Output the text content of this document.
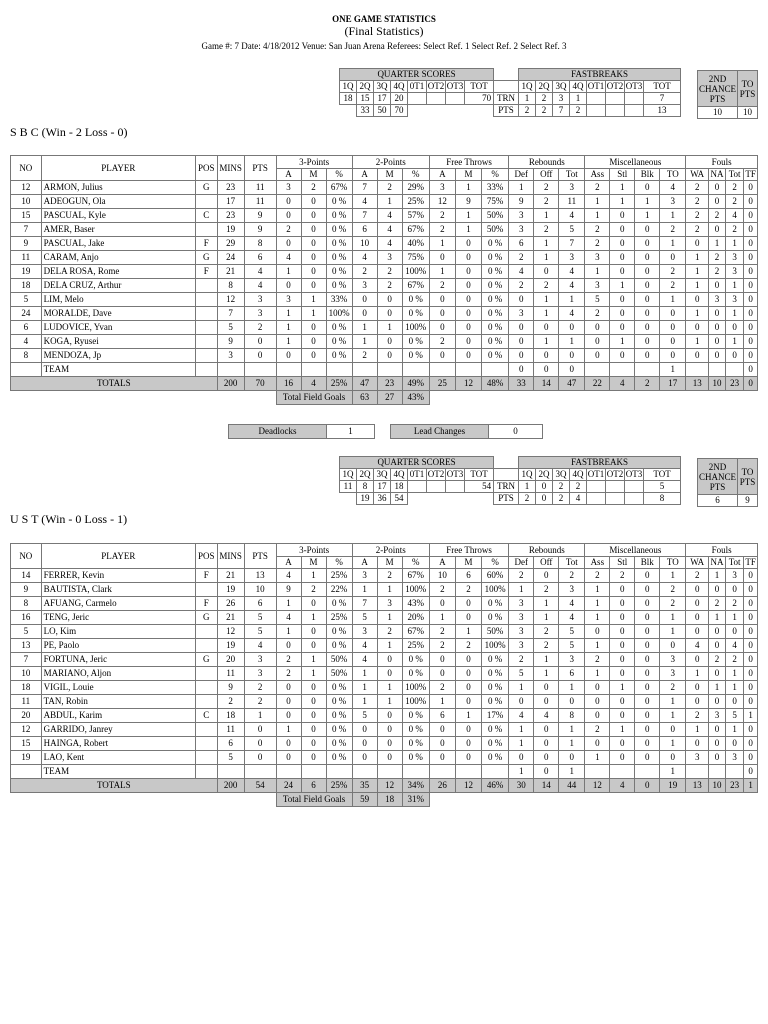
ONE GAME STATISTICS
(Final Statistics)
Game #: 7 Date: 4/18/2012 Venue: San Juan Arena Referees: Select Ref. 1 Select Ref. 2 Select Ref. 3
QUARTER SCORES							
1Q	2Q	3Q	4Q	0T1	OT2	OT3	TOT
18	15	17	20				70
	33	50	70				
	FASTBREAKS							
	1Q	2Q	3Q	4Q	OT1	OT2	OT3	TOT
TRN	1	2	3	1				7
PTS	2	2	7	2				13
2ND CHANCE PTS	TO PTS
10	10
S B C (Win - 2 Loss - 0)
NO	PLAYER	POS	MINS	PTS	3-Points			2-Points			Free Throws			Rebounds			Miscellaneous				Fouls			
					A	M	%	A	M	%	A	M	%	Def	Off	Tot	Ass	Stl	Blk	TO	WA	NA	Tot	TF
12	ARMON, Julius	G	23	11	3	2	67%	7	2	29%	3	1	33%	1	2	3	2	1	0	4	2	0	2	0
10	ADEOGUN, Ola		17	11	0	0	0 %	4	1	25%	12	9	75%	9	2	11	1	1	1	3	2	0	2	0
15	PASCUAL, Kyle	C	23	9	0	0	0 %	7	4	57%	2	1	50%	3	1	4	1	0	1	1	2	2	4	0
7	AMER, Baser		19	9	2	0	0 %	6	4	67%	2	1	50%	3	2	5	2	0	0	2	2	0	2	0
9	PASCUAL, Jake	F	29	8	0	0	0 %	10	4	40%	1	0	0 %	6	1	7	2	0	0	1	0	1	1	0
11	CARAM, Anjo	G	24	6	4	0	0 %	4	3	75%	0	0	0 %	2	1	3	3	0	0	0	1	2	3	0
19	DELA ROSA, Rome	F	21	4	1	0	0 %	2	2	100%	1	0	0 %	4	0	4	1	0	0	2	1	2	3	0
18	DELA CRUZ, Arthur		8	4	0	0	0 %	3	2	67%	2	0	0 %	2	2	4	3	1	0	2	1	0	1	0
5	LIM, Melo		12	3	3	1	33%	0	0	0 %	0	0	0 %	0	1	1	5	0	0	1	0	3	3	0
24	MORALDE, Dave		7	3	1	1	100%	0	0	0 %	0	0	0 %	3	1	4	2	0	0	0	1	0	1	0
6	LUDOVICE, Yvan		5	2	1	0	0 %	1	1	100%	0	0	0 %	0	0	0	0	0	0	0	0	0	0	0
4	KOGA, Ryusei		9	0	1	0	0 %	1	0	0 %	2	0	0 %	0	1	1	0	1	0	0	1	0	1	0
8	MENDOZA, Jp		3	0	0	0	0 %	2	0	0 %	0	0	0 %	0	0	0	0	0	0	0	0	0	0	0
	TEAM													0	0	0				1				0
TOTALS			200	70	16	4	25%	47	23	49%	25	12	48%	33	14	47	22	4	2	17	13	10	23	0
					Total Field Goals			63	27	43%														
QUARTER SCORES							
1Q	2Q	3Q	4Q	0T1	OT2	OT3	TOT
11	8	17	18				54
	19	36	54				
	FASTBREAKS							
	1Q	2Q	3Q	4Q	OT1	OT2	OT3	TOT
TRN	1	0	2	2				5
PTS	2	0	2	4				8
2ND CHANCE PTS	TO PTS
6	9
U S T (Win - 0 Loss - 1)
NO	PLAYER	POS	MINS	PTS	3-Points			2-Points			Free Throws			Rebounds			Miscellaneous				Fouls			
					A	M	%	A	M	%	A	M	%	Def	Off	Tot	Ass	Stl	Blk	TO	WA	NA	Tot	TF
14	FERRER, Kevin	F	21	13	4	1	25%	3	2	67%	10	6	60%	2	0	2	2	2	0	1	2	1	3	0
9	BAUTISTA, Clark		19	10	9	2	22%	1	1	100%	2	2	100%	1	2	3	1	0	0	2	0	0	0	0
8	AFUANG, Carmelo	F	26	6	1	0	0 %	7	3	43%	0	0	0 %	3	1	4	1	0	0	2	0	2	2	0
16	TENG, Jeric	G	21	5	4	1	25%	5	1	20%	1	0	0 %	3	1	4	1	0	0	1	0	1	1	0
5	LO, Kim		12	5	1	0	0 %	3	2	67%	2	1	50%	3	2	5	0	0	0	1	0	0	0	0
13	PE, Paolo		19	4	0	0	0 %	4	1	25%	2	2	100%	3	2	5	1	0	0	0	4	0	4	0
7	FORTUNA, Jeric	G	20	3	2	1	50%	4	0	0 %	0	0	0 %	2	1	3	2	0	0	3	0	2	2	0
10	MARIANO, Aljon		11	3	2	1	50%	1	0	0 %	0	0	0 %	5	1	6	1	0	0	3	1	0	1	0
18	VIGIL, Louie		9	2	0	0	0 %	1	1	100%	2	0	0 %	1	0	1	0	1	0	2	0	1	1	0
11	TAN, Robin		2	2	0	0	0 %	1	1	100%	1	0	0 %	0	0	0	0	0	0	1	0	0	0	0
20	ABDUL, Karim	C	18	1	0	0	0 %	5	0	0 %	6	1	17%	4	4	8	0	0	0	1	2	3	5	1
12	GARRIDO, Janrey		11	0	1	0	0 %	0	0	0 %	0	0	0 %	1	0	1	2	1	0	0	1	0	1	0
15	HAINGA, Robert		6	0	0	0	0 %	0	0	0 %	0	0	0 %	1	0	1	0	0	0	1	0	0	0	0
19	LAO, Kent		5	0	0	0	0 %	0	0	0 %	0	0	0 %	0	0	0	1	0	0	0	3	0	3	0
	TEAM													1	0	1				1				0
TOTALS			200	54	24	6	25%	35	12	34%	26	12	46%	30	14	44	12	4	0	19	13	10	23	1
					Total Field Goals			59	18	31%														
Deadlocks	1		Lead Changes	0
